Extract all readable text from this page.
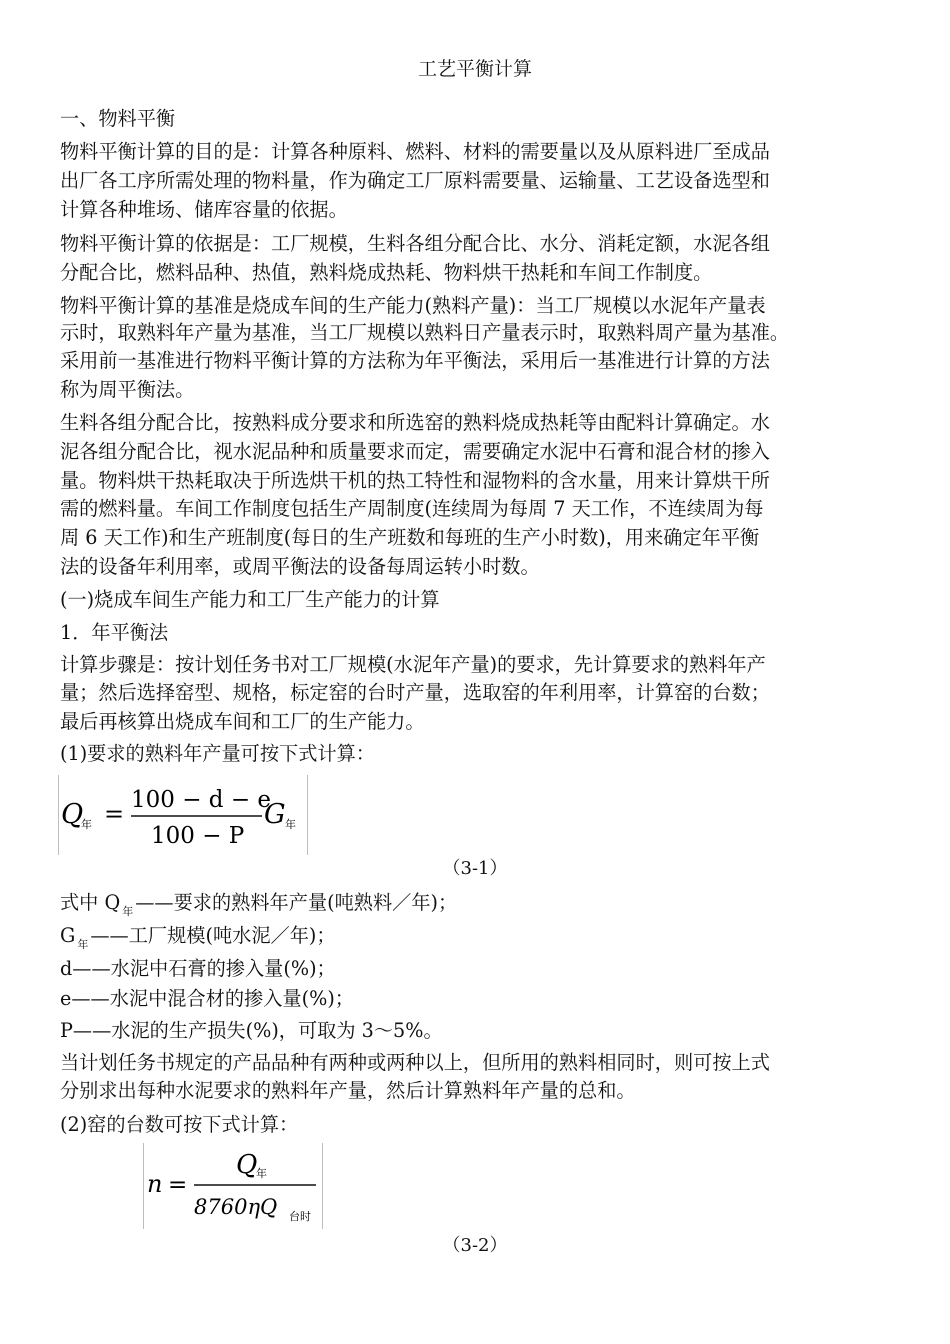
工艺平衡计算
一、物料平衡
物料平衡计算的目的是：计算各种原料、燃料、材料的需要量以及从原料进厂至成品
出厂各工序所需处理的物料量，作为确定工厂原料需要量、运输量、工艺设备选型和
计算各种堆场、储库容量的依据。
物料平衡计算的依据是：工厂规模，生料各组分配合比、水分、消耗定额，水泥各组
分配合比，燃料品种、热值，熟料烧成热耗、物料烘干热耗和车间工作制度。
物料平衡计算的基准是烧成车间的生产能力(熟料产量)：当工厂规模以水泥年产量表
示时，取熟料年产量为基准，当工厂规模以熟料日产量表示时，取熟料周产量为基准。
采用前一基准进行物料平衡计算的方法称为年平衡法，采用后一基准进行计算的方法
称为周平衡法。
生料各组分配合比，按熟料成分要求和所选窑的熟料烧成热耗等由配料计算确定。水
泥各组分配合比，视水泥品种和质量要求而定，需要确定水泥中石膏和混合材的掺入
量。物料烘干热耗取决于所选烘干机的热工特性和湿物料的含水量，用来计算烘干所
需的燃料量。车间工作制度包括生产周制度(连续周为每周 7 天工作，不连续周为每
周 6 天工作)和生产班制度(每日的生产班数和每班的生产小时数)，用来确定年平衡
法的设备年利用率，或周平衡法的设备每周运转小时数。
(一)烧成车间生产能力和工厂生产能力的计算
1．年平衡法
计算步骤是：按计划任务书对工厂规模(水泥年产量)的要求，先计算要求的熟料年产
量；然后选择窑型、规格，标定窑的台时产量，选取窑的年利用率，计算窑的台数；
最后再核算出烧成车间和工厂的生产能力。
(1)要求的熟料年产量可按下式计算：
Q
年 = 100 − d − e
100 − P
G 年
（3-1）
式中 Q $_年$ ——要求的熟料年产量(吨熟料／年)；
G $_年$ ——工厂规模(吨水泥／年)；
d——水泥中石膏的掺入量(%)；
e——水泥中混合材的掺入量(%)；
P——水泥的生产损失(%)，可取为 3～5%。
当计划任务书规定的产品品种有两种或两种以上，但所用的熟料相同时，则可按上式
分别求出每种水泥要求的熟料年产量，然后计算熟料年产量的总和。
(2)窑的台数可按下式计算：
n =
Q
年
8760ηQ 台时
（3-2）
